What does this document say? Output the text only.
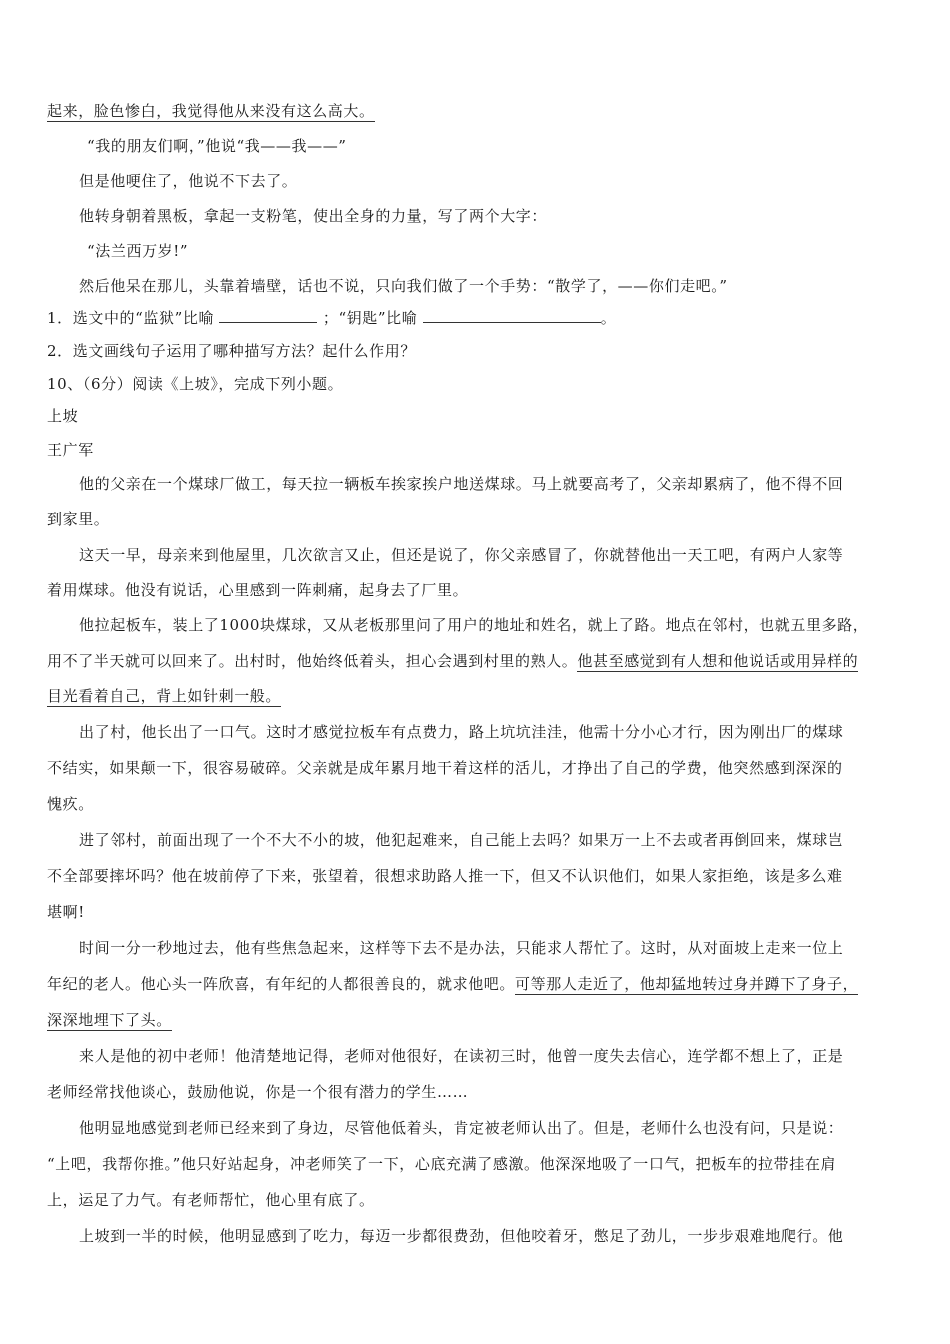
起来，脸色惨白，我觉得他从来没有这么高大。
“我的朋友们啊，”他说“我——我——”
但是他哽住了，他说不下去了。
他转身朝着黑板，拿起一支粉笔，使出全身的力量，写了两个大字：
“法兰西万岁!”
然后他呆在那儿，头靠着墙壁，话也不说，只向我们做了一个手势：“散学了，——你们走吧。”
1．选文中的“监狱”比喻	；“钥匙”比喻	。
2．选文画线句子运用了哪种描写方法？起什么作用？
10、（6分）阅读《上坡》，完成下列小题。
上坡
王广军
他的父亲在一个煤球厂做工，每天拉一辆板车挨家挨户地送煤球。马上就要高考了，父亲却累病了，他不得不回
到家里。
这天一早，母亲来到他屋里，几次欲言又止，但还是说了，你父亲感冒了，你就替他出一天工吧，有两户人家等
着用煤球。他没有说话，心里感到一阵刺痛，起身去了厂里。
他拉起板车，装上了1000块煤球，又从老板那里问了用户的地址和姓名，就上了路。地点在邻村，也就五里多路，
用不了半天就可以回来了。出村时，他始终低着头，担心会遇到村里的熟人。他甚至感觉到有人想和他说话或用异样的
目光看着自己，背上如针刺一般。
出了村，他长出了一口气。这时才感觉拉板车有点费力，路上坑坑洼洼，他需十分小心才行，因为刚出厂的煤球
不结实，如果颠一下，很容易破碎。父亲就是成年累月地干着这样的活儿，才挣出了自己的学费，他突然感到深深的
愧疚。
进了邻村，前面出现了一个不大不小的坡，他犯起难来，自己能上去吗？如果万一上不去或者再倒回来，煤球岂
不全部要摔坏吗？他在坡前停了下来，张望着，很想求助路人推一下，但又不认识他们，如果人家拒绝，该是多么难
堪啊!
时间一分一秒地过去，他有些焦急起来，这样等下去不是办法，只能求人帮忙了。这时，从对面坡上走来一位上
年纪的老人。他心头一阵欣喜，有年纪的人都很善良的，就求他吧。可等那人走近了，他却猛地转过身并蹲下了身子，
深深地埋下了头。
来人是他的初中老师！他清楚地记得，老师对他很好，在读初三时，他曾一度失去信心，连学都不想上了，正是
老师经常找他谈心，鼓励他说，你是一个很有潜力的学生……
他明显地感觉到老师已经来到了身边，尽管他低着头，肯定被老师认出了。但是，老师什么也没有问，只是说：
“上吧，我帮你推。”他只好站起身，冲老师笑了一下，心底充满了感激。他深深地吸了一口气，把板车的拉带挂在肩
上，运足了力气。有老师帮忙，他心里有底了。
上坡到一半的时候，他明显感到了吃力，每迈一步都很费劲，但他咬着牙，憋足了劲儿，一步步艰难地爬行。他
